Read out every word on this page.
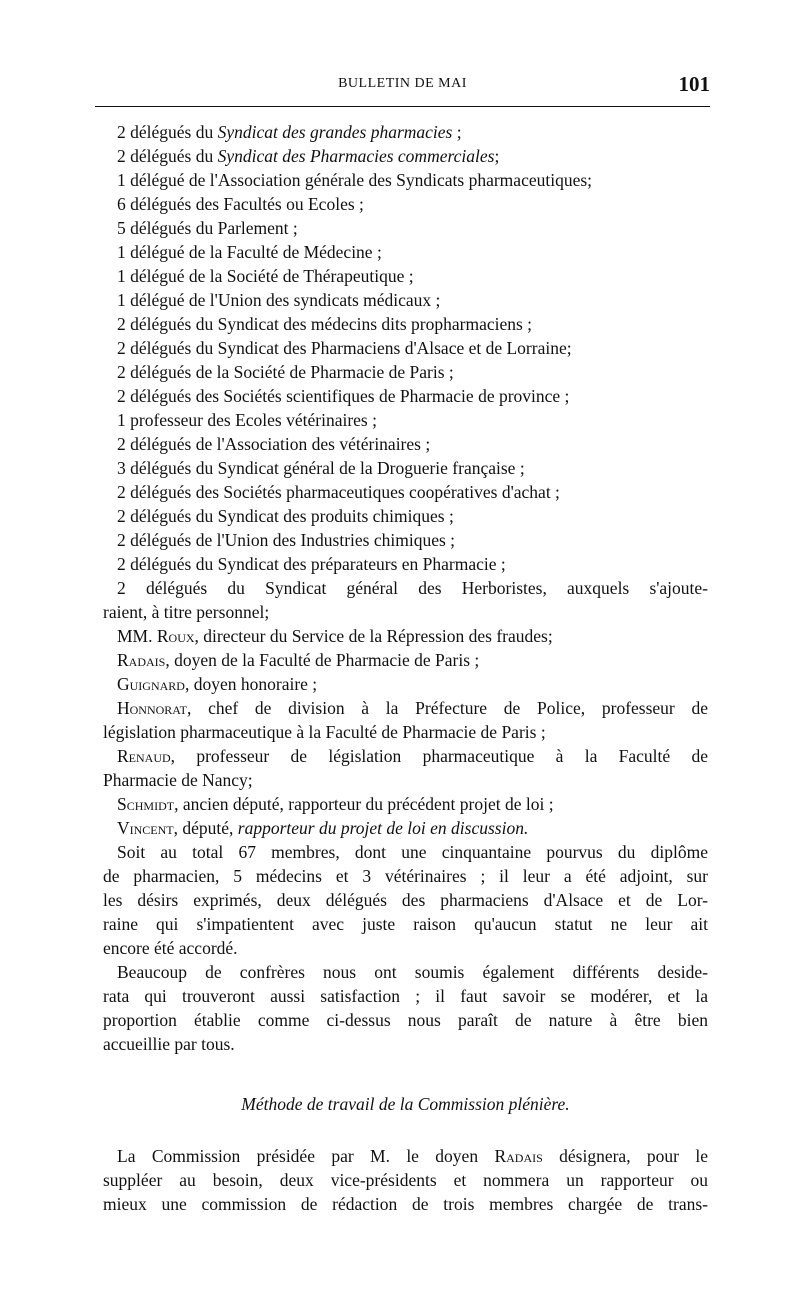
BULLETIN DE MAI	101
2 délégués du Syndicat des grandes pharmacies ;
2 délégués du Syndicat des Pharmacies commerciales;
1 délégué de l'Association générale des Syndicats pharmaceutiques;
6 délégués des Facultés ou Ecoles ;
5 délégués du Parlement ;
1 délégué de la Faculté de Médecine ;
1 délégué de la Société de Thérapeutique ;
1 délégué de l'Union des syndicats médicaux ;
2 délégués du Syndicat des médecins dits propharmaciens ;
2 délégués du Syndicat des Pharmaciens d'Alsace et de Lorraine;
2 délégués de la Société de Pharmacie de Paris ;
2 délégués des Sociétés scientifiques de Pharmacie de province ;
1 professeur des Ecoles vétérinaires ;
2 délégués de l'Association des vétérinaires ;
3 délégués du Syndicat général de la Droguerie française ;
2 délégués des Sociétés pharmaceutiques coopératives d'achat ;
2 délégués du Syndicat des produits chimiques ;
2 délégués de l'Union des Industries chimiques ;
2 délégués du Syndicat des préparateurs en Pharmacie ;
2 délégués du Syndicat général des Herboristes, auxquels s'ajoute-
raient, à titre personnel;
MM. Roux, directeur du Service de la Répression des fraudes;
Radais, doyen de la Faculté de Pharmacie de Paris ;
Guignard, doyen honoraire ;
Honnorat, chef de division à la Préfecture de Police, professeur de
législation pharmaceutique à la Faculté de Pharmacie de Paris ;
Renaud, professeur de législation pharmaceutique à la Faculté de
Pharmacie de Nancy;
Schmidt, ancien député, rapporteur du précédent projet de loi ;
Vincent, député, rapporteur du projet de loi en discussion.
Soit au total 67 membres, dont une cinquantaine pourvus du diplôme
de pharmacien, 5 médecins et 3 vétérinaires ; il leur a été adjoint, sur
les désirs exprimés, deux délégués des pharmaciens d'Alsace et de Lor-
raine qui s'impatientent avec juste raison qu'aucun statut ne leur ait
encore été accordé.
Beaucoup de confrères nous ont soumis également différents deside-
rata qui trouveront aussi satisfaction ; il faut savoir se modérer, et la
proportion établie comme ci-dessus nous paraît de nature à être bien
accueillie par tous.
Méthode de travail de la Commission plénière.
La Commission présidée par M. le doyen Radais désignera, pour le
suppléer au besoin, deux vice-présidents et nommera un rapporteur ou
mieux une commission de rédaction de trois membres chargée de trans-
